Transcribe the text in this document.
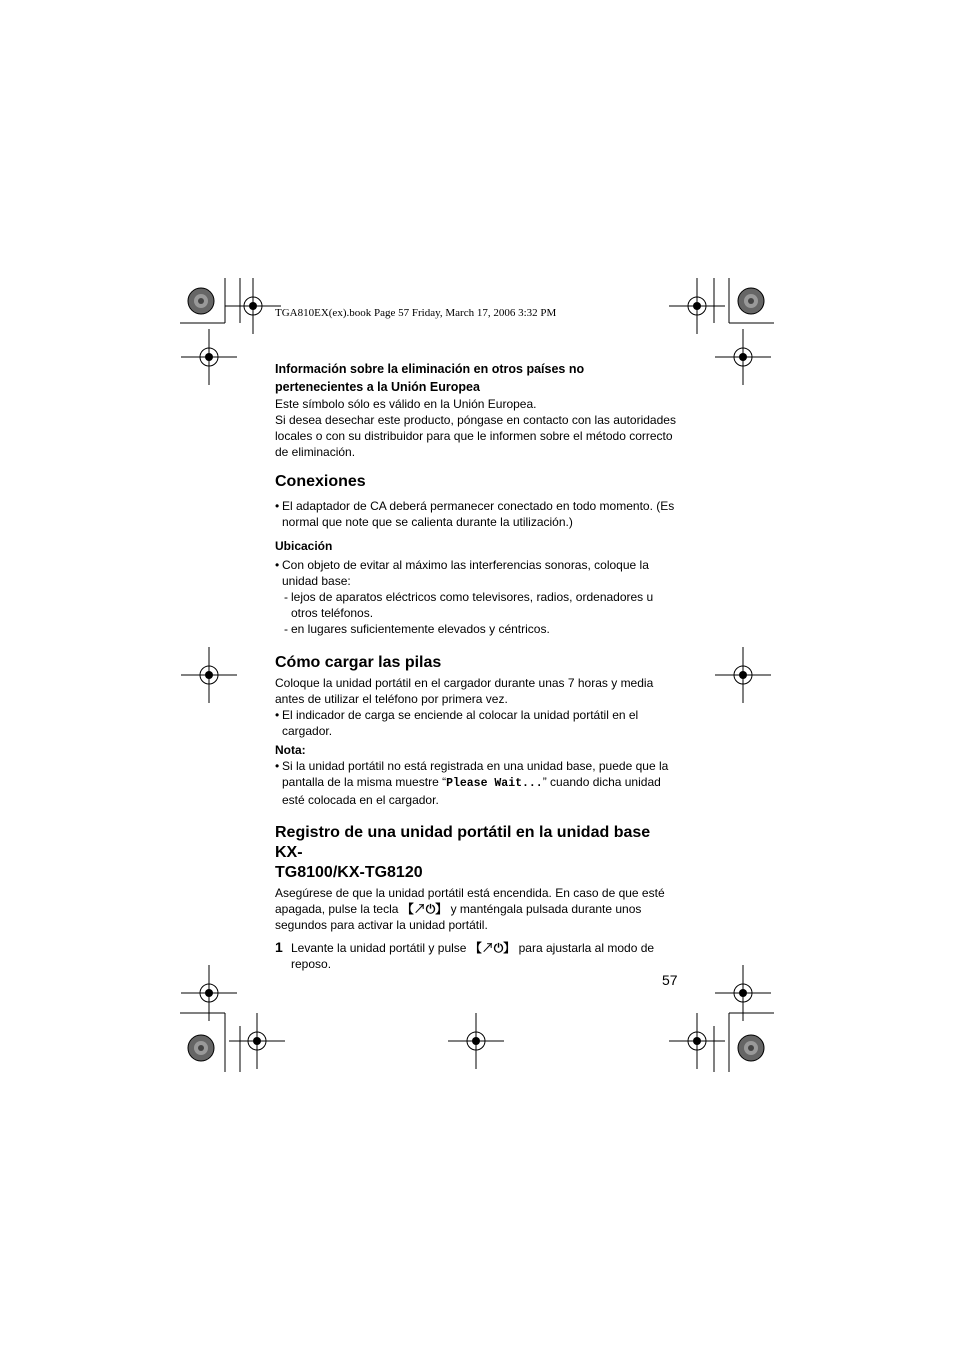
TGA810EX(ex).book Page 57 Friday, March 17, 2006 3:32 PM

Información sobre la eliminación en otros países no

pertenecientes a la Unión Europea

Este símbolo sólo es válido en la Unión Europea.

Si desea desechar este producto, póngase en contacto con las autoridades

locales o con su distribuidor para que le informen sobre el método correcto

de eliminación.

Conexiones

• El adaptador de CA deberá permanecer conectado en todo momento. (Es

normal que note que se calienta durante la utilización.)

Ubicación

• Con objeto de evitar al máximo las interferencias sonoras, coloque la

unidad base:

- lejos de aparatos eléctricos como televisores, radios, ordenadores u

otros teléfonos.

- en lugares suficientemente elevados y céntricos.

Cómo cargar las pilas

Coloque la unidad portátil en el cargador durante unas 7 horas y media

antes de utilizar el teléfono por primera vez.

• El indicador de carga se enciende al colocar la unidad portátil en el

cargador.

Nota:

• Si la unidad portátil no está registrada en una unidad base, puede que la

pantalla de la misma muestre “Please Wait...” cuando dicha unidad

esté colocada en el cargador.

Registro de una unidad portátil en la unidad base KX-

TG8100/KX-TG8120

Asegúrese de que la unidad portátil está encendida. En caso de que esté

apagada, pulse la tecla 【↗⏻】 y manténgala pulsada durante unos

segundos para activar la unidad portátil.

1 Levante la unidad portátil y pulse 【↗⏻】 para ajustarla al modo de
reposo.
57
